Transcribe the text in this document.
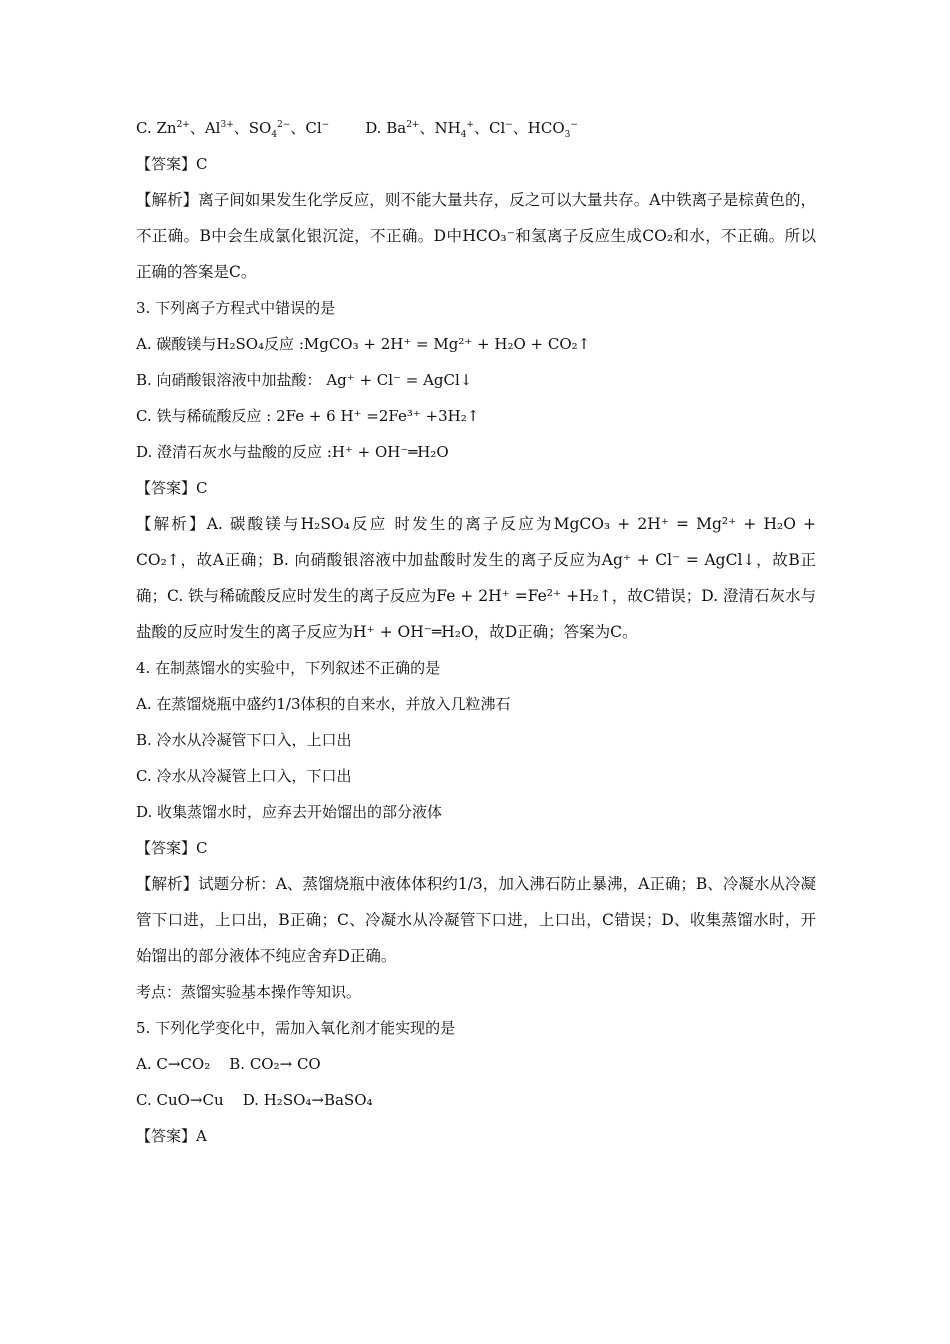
C. $Zn^{2+}$、$Al^{3+}$、$SO_4^{2-}$、Cl− D. $Ba^{2+}$、$NH_4^+$、Cl−、$HCO_3^-$
【答案】C
【解析】离子间如果发生化学反应，则不能大量共存，反之可以大量共存。A中铁离子是棕黄色的，不正确。B中会生成氯化银沉淀，不正确。D中HCO₃⁻和氢离子反应生成CO₂和水，不正确。所以正确的答案是C。
3. 下列离子方程式中错误的是
A. 碳酸镁与H₂SO₄反应 :MgCO₃ + 2H⁺ = Mg²⁺ + H₂O + CO₂↑
B. 向硝酸银溶液中加盐酸： Ag⁺ + Cl⁻ = AgCl↓
C. 铁与稀硫酸反应 : 2Fe + 6 H⁺ =2Fe³⁺ +3H₂↑
D. 澄清石灰水与盐酸的反应 :H⁺ + OH⁻═H₂O
【答案】C
【解析】A. 碳酸镁与H₂SO₄反应 时发生的离子反应为MgCO₃ + 2H⁺ = Mg²⁺ + H₂O + CO₂↑，故A正确；B. 向硝酸银溶液中加盐酸时发生的离子反应为Ag⁺ + Cl⁻ = AgCl↓，故B正确；C. 铁与稀硫酸反应时发生的离子反应为Fe + 2H⁺ =Fe²⁺ +H₂↑，故C错误；D. 澄清石灰水与盐酸的反应时发生的离子反应为H⁺ + OH⁻═H₂O，故D正确；答案为C。
4. 在制蒸馏水的实验中，下列叙述不正确的是
A. 在蒸馏烧瓶中盛约1/3体积的自来水，并放入几粒沸石
B. 冷水从冷凝管下口入，上口出
C. 冷水从冷凝管上口入，下口出
D. 收集蒸馏水时，应弃去开始馏出的部分液体
【答案】C
【解析】试题分析：A、蒸馏烧瓶中液体体积约1/3，加入沸石防止暴沸，A正确；B、冷凝水从冷凝管下口进，上口出，B正确；C、冷凝水从冷凝管下口进，上口出，C错误；D、收集蒸馏水时，开始馏出的部分液体不纯应舍弃D正确。
考点：蒸馏实验基本操作等知识。
5. 下列化学变化中，需加入氧化剂才能实现的是
A. C→CO₂    B. CO₂→ CO
C. CuO→Cu    D. H₂SO₄→BaSO₄
【答案】A
